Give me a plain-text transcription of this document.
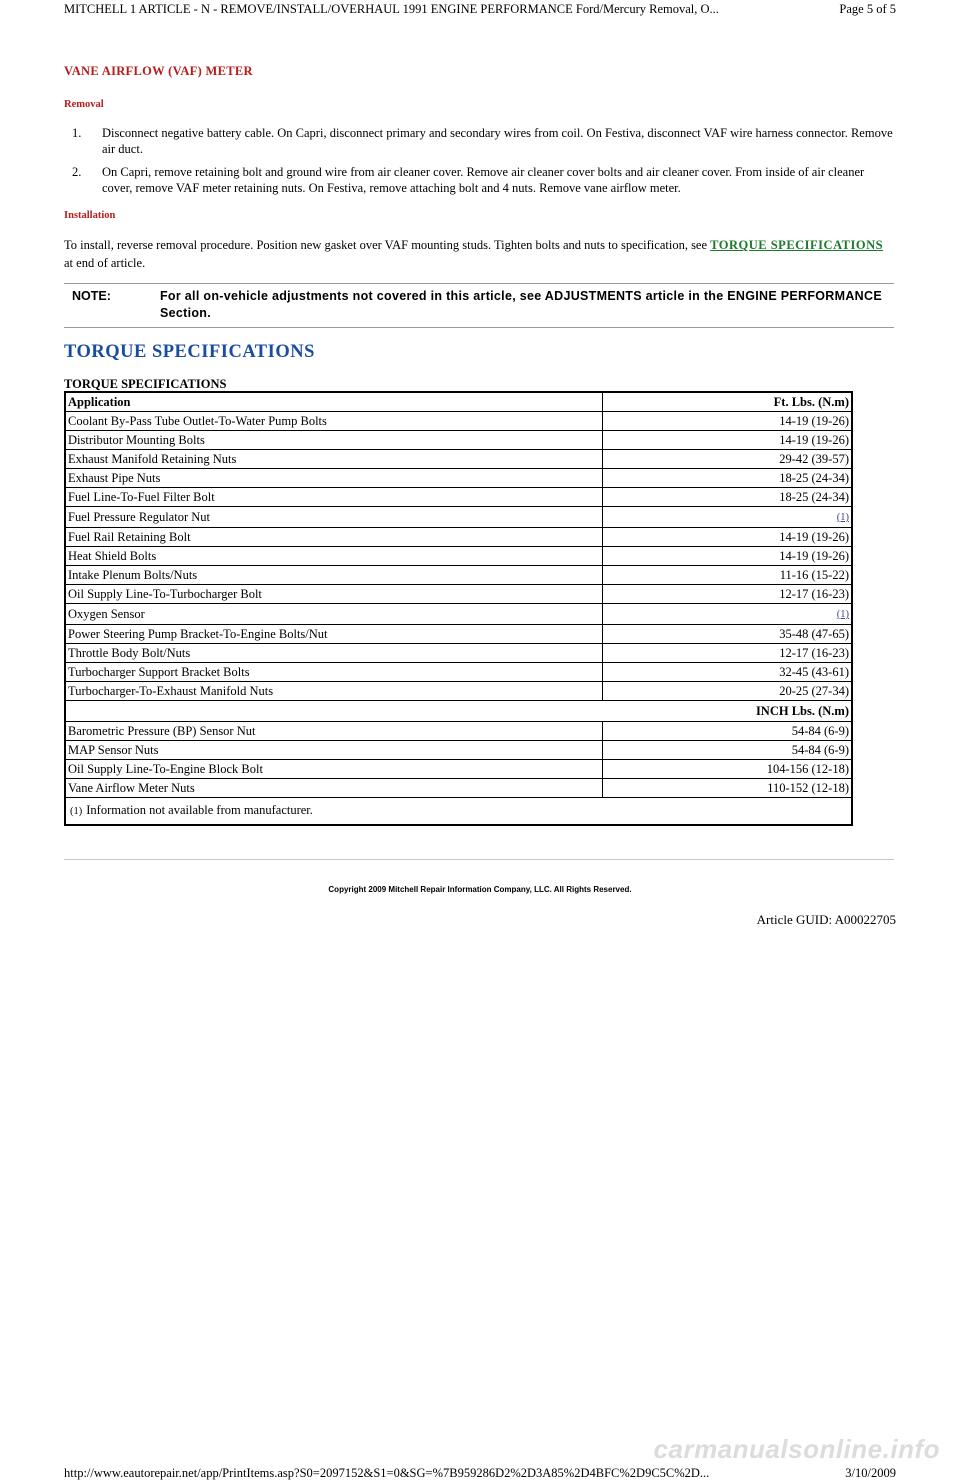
MITCHELL 1 ARTICLE - N - REMOVE/INSTALL/OVERHAUL 1991 ENGINE PERFORMANCE Ford/Mercury Removal, O...	Page 5 of 5
VANE AIRFLOW (VAF) METER
Removal
1. Disconnect negative battery cable. On Capri, disconnect primary and secondary wires from coil. On Festiva, disconnect VAF wire harness connector. Remove air duct.
2. On Capri, remove retaining bolt and ground wire from air cleaner cover. Remove air cleaner cover bolts and air cleaner cover. From inside of air cleaner cover, remove VAF meter retaining nuts. On Festiva, remove attaching bolt and 4 nuts. Remove vane airflow meter.
Installation

To install, reverse removal procedure. Position new gasket over VAF mounting studs. Tighten bolts and nuts to specification, see TORQUE SPECIFICATIONS at end of article.

NOTE:	For all on-vehicle adjustments not covered in this article, see ADJUSTMENTS article in the ENGINE PERFORMANCE Section.
TORQUE SPECIFICATIONS
TORQUE SPECIFICATIONS
Application	Ft. Lbs. (N.m)
Coolant By-Pass Tube Outlet-To-Water Pump Bolts	14-19 (19-26)
Distributor Mounting Bolts	14-19 (19-26)
Exhaust Manifold Retaining Nuts	29-42 (39-57)
Exhaust Pipe Nuts	18-25 (24-34)
Fuel Line-To-Fuel Filter Bolt	18-25 (24-34)
Fuel Pressure Regulator Nut	(1)
Fuel Rail Retaining Bolt	14-19 (19-26)
Heat Shield Bolts	14-19 (19-26)
Intake Plenum Bolts/Nuts	11-16 (15-22)
Oil Supply Line-To-Turbocharger Bolt	12-17 (16-23)
Oxygen Sensor	(1)
Power Steering Pump Bracket-To-Engine Bolts/Nut	35-48 (47-65)
Throttle Body Bolt/Nuts	12-17 (16-23)
Turbocharger Support Bracket Bolts	32-45 (43-61)
Turbocharger-To-Exhaust Manifold Nuts	20-25 (27-34)
INCH Lbs. (N.m)	
Barometric Pressure (BP) Sensor Nut	54-84 (6-9)
MAP Sensor Nuts	54-84 (6-9)
Oil Supply Line-To-Engine Block Bolt	104-156 (12-18)
Vane Airflow Meter Nuts	110-152 (12-18)
(1) Information not available from manufacturer.	
Copyright 2009 Mitchell Repair Information Company, LLC. All Rights Reserved.
Article GUID: A00022705
carmanualsonline.info
http://www.eautorepair.net/app/PrintItems.asp?S0=2097152&S1=0&SG=%7B959286D2%2D3A85%2D4BFC%2D9C5C%2D...	3/10/2009
